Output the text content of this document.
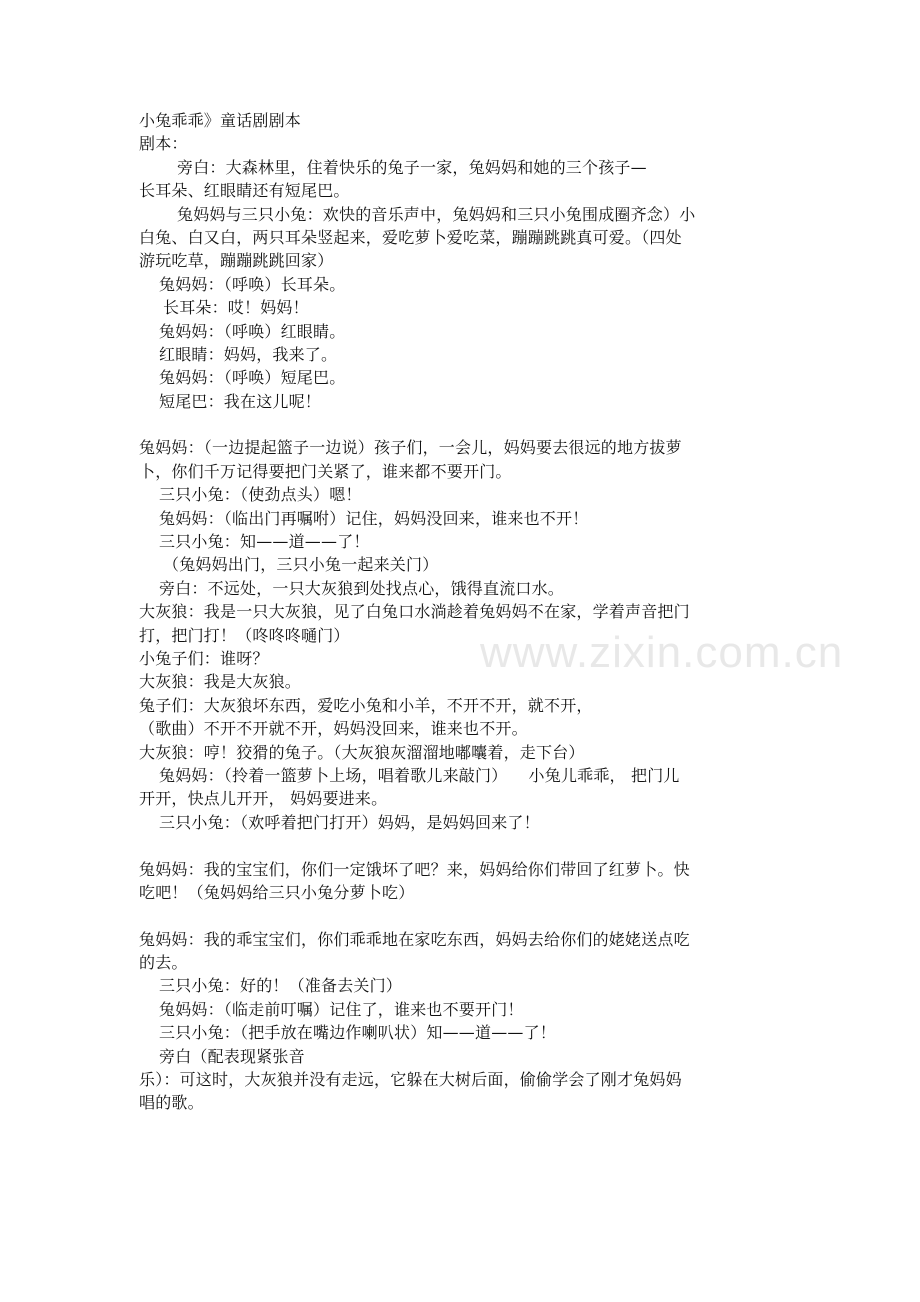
小兔乖乖》童话剧剧本
剧本：
旁白：大森林里，住着快乐的兔子一家，兔妈妈和她的三个孩子—
长耳朵、红眼睛还有短尾巴。
兔妈妈与三只小兔：欢快的音乐声中，兔妈妈和三只小兔围成圈齐念）小
白兔、白又白，两只耳朵竖起来，爱吃萝卜爱吃菜，蹦蹦跳跳真可爱。（四处
游玩吃草，蹦蹦跳跳回家）
兔妈妈：（呼唤）长耳朵。
长耳朵：哎！妈妈！
兔妈妈：（呼唤）红眼睛。
红眼睛：妈妈，我来了。
兔妈妈：（呼唤）短尾巴。
短尾巴：我在这儿呢！
兔妈妈：（一边提起篮子一边说）孩子们，一会儿，妈妈要去很远的地方拔萝
卜，你们千万记得要把门关紧了，谁来都不要开门。
三只小兔：（使劲点头）嗯！
兔妈妈：（临出门再嘱咐）记住，妈妈没回来，谁来也不开！
三只小兔：知——道——了！
（兔妈妈出门，三只小兔一起来关门）
旁白：不远处，一只大灰狼到处找点心，饿得直流口水。
大灰狼：我是一只大灰狼，见了白兔口水淌趁着兔妈妈不在家，学着声音把门
打，把门打！（咚咚咚嗵门）
小兔子们：谁呀？
大灰狼：我是大灰狼。
兔子们：大灰狼坏东西，爱吃小兔和小羊，不开不开，就不开，
（歌曲）不开不开就不开，妈妈没回来，谁来也不开。
大灰狼：哼！狡猾的兔子。（大灰狼灰溜溜地嘟囔着，走下台）
兔妈妈：（拎着一篮萝卜上场，唱着歌儿来敲门）    小兔儿乖乖， 把门儿
开开，快点儿开开， 妈妈要进来。
三只小兔：（欢呼着把门打开）妈妈，是妈妈回来了！
兔妈妈：我的宝宝们，你们一定饿坏了吧？来，妈妈给你们带回了红萝卜。快
吃吧！（兔妈妈给三只小兔分萝卜吃）
兔妈妈：我的乖宝宝们，你们乖乖地在家吃东西，妈妈去给你们的姥姥送点吃
的去。
三只小兔：好的！（准备去关门）
兔妈妈：（临走前叮嘱）记住了，谁来也不要开门！
三只小兔：（把手放在嘴边作喇叭状）知——道——了！
旁白（配表现紧张音
乐）：可这时，大灰狼并没有走远，它躲在大树后面，偷偷学会了刚才兔妈妈
唱的歌。
www.zixin.com.cn
